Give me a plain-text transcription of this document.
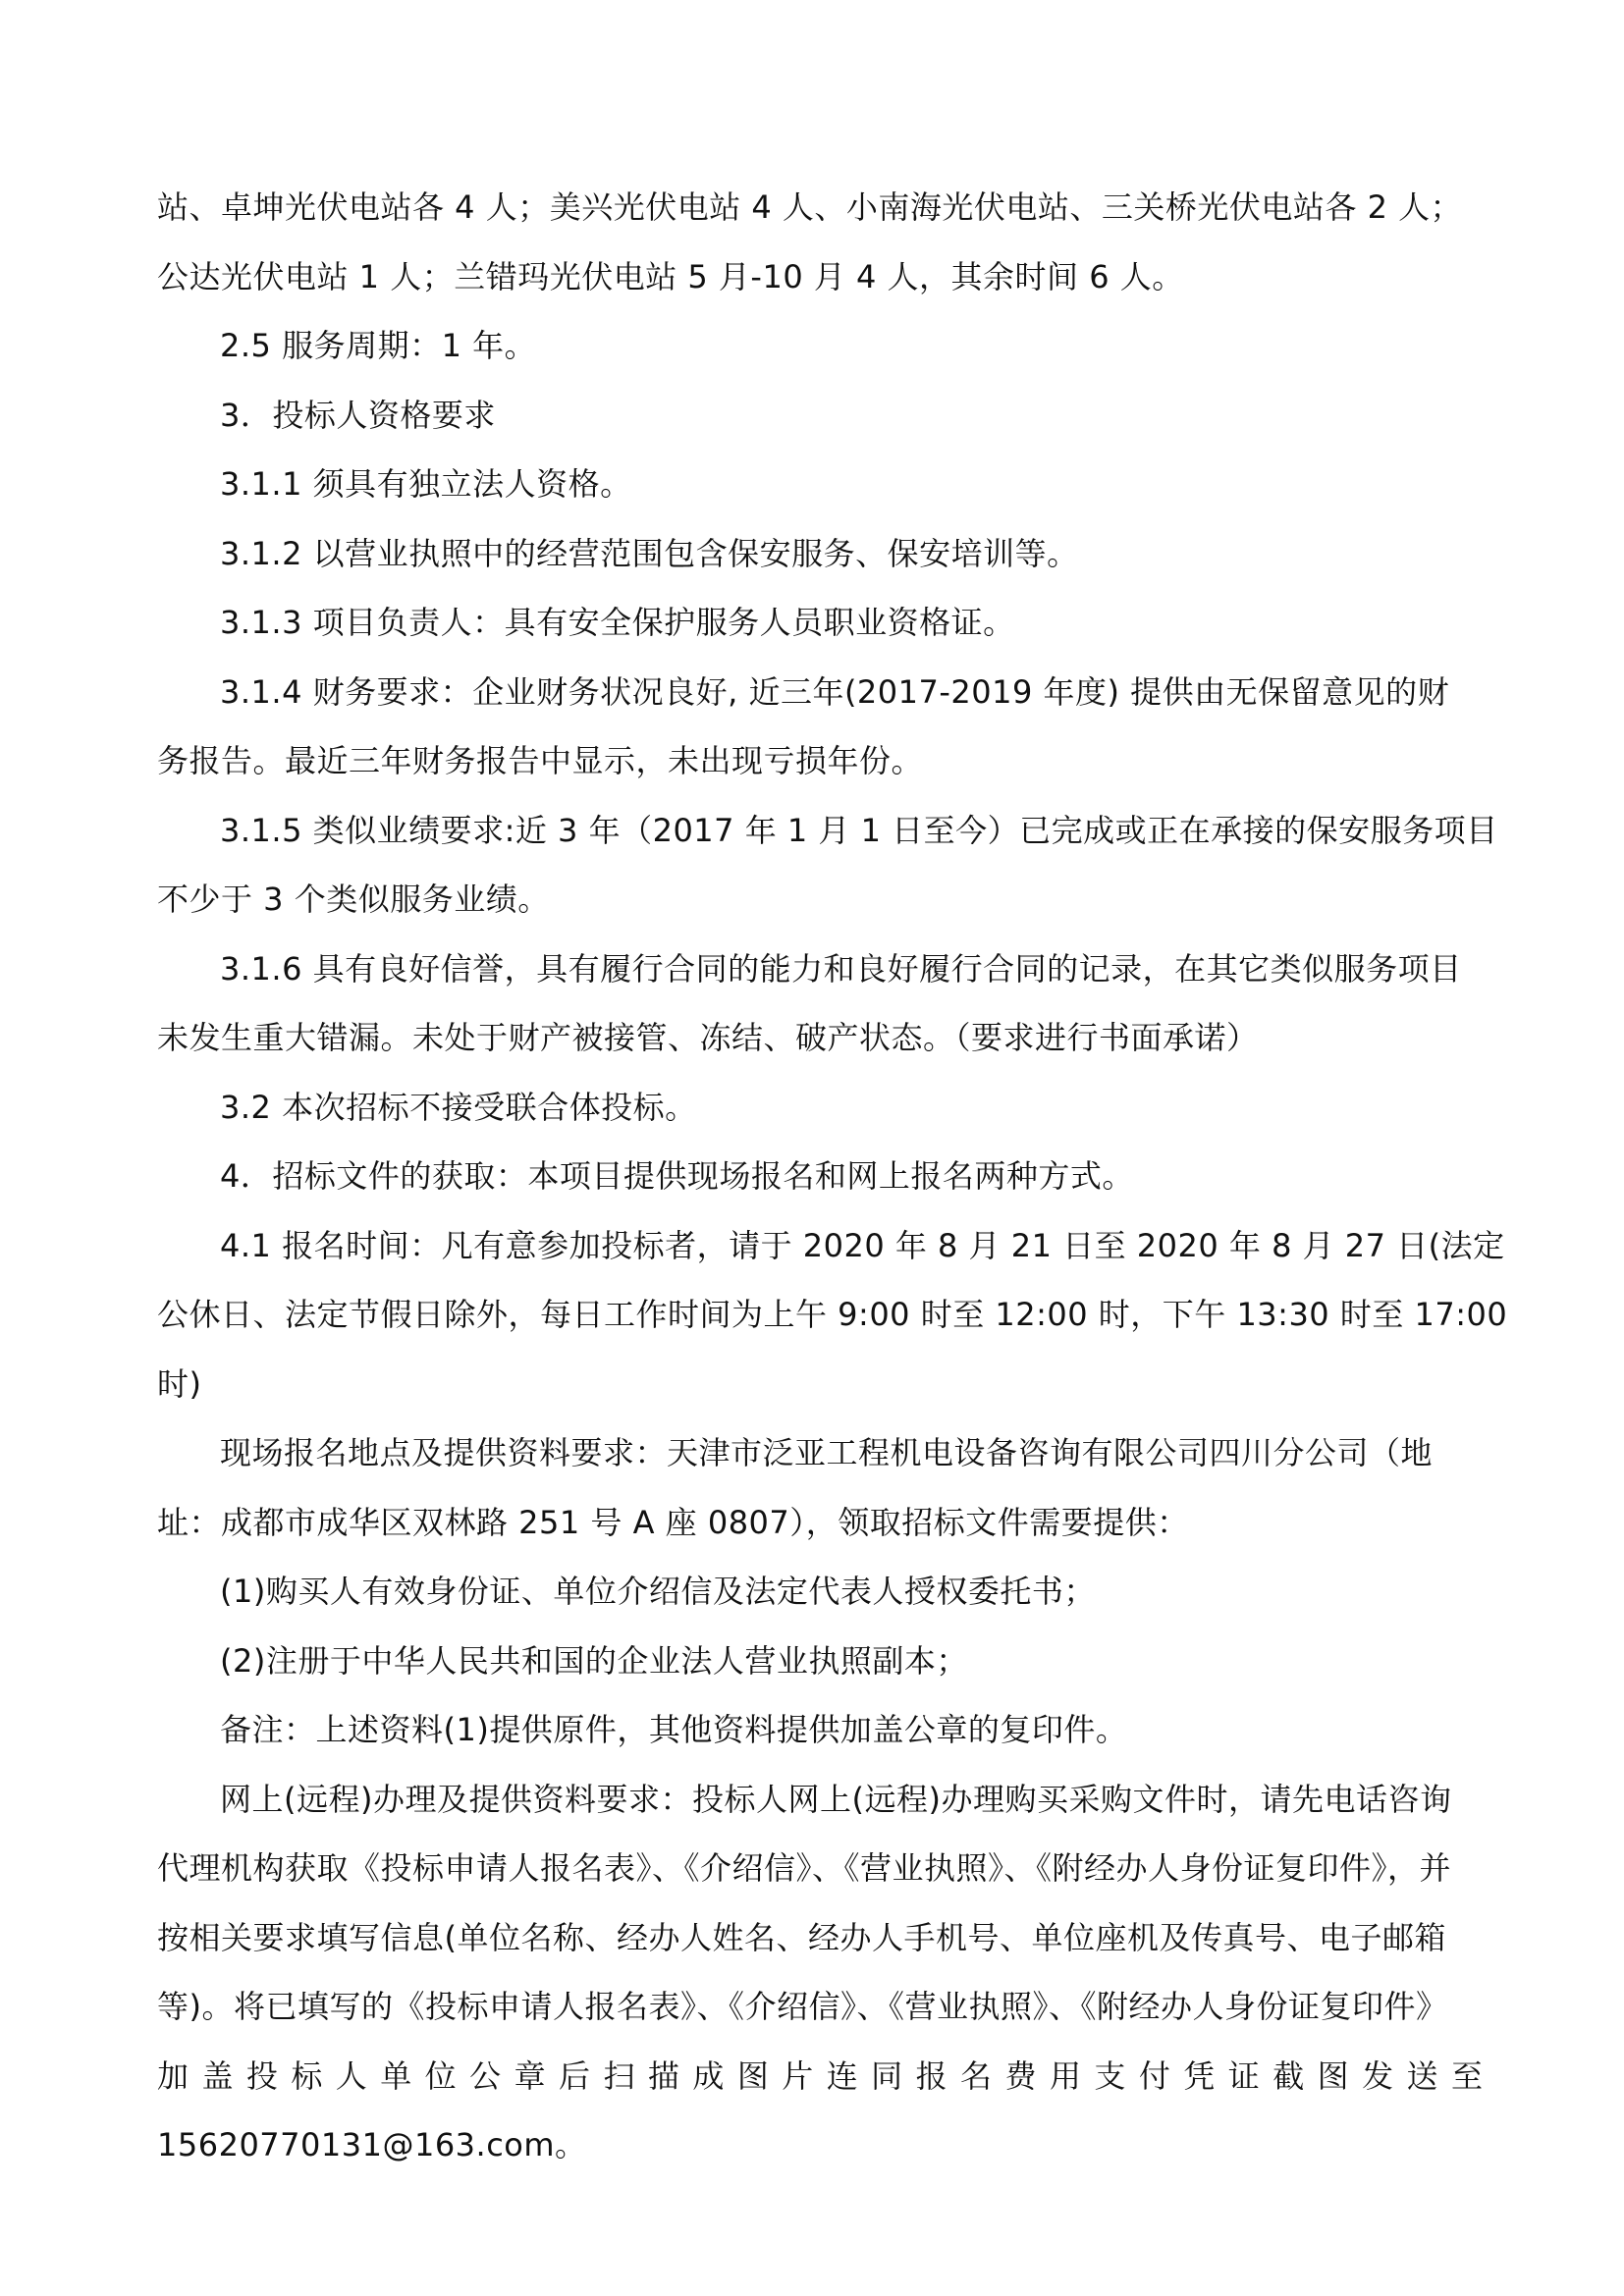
站、卓坤光伏电站各 4 人；美兴光伏电站 4 人、小南海光伏电站、三关桥光伏电站各 2 人；
公达光伏电站 1 人；兰错玛光伏电站 5 月-10 月 4 人，其余时间 6 人。
2.5 服务周期：1 年。
3．投标人资格要求
3.1.1 须具有独立法人资格。
3.1.2 以营业执照中的经营范围包含保安服务、保安培训等。
3.1.3 项目负责人：具有安全保护服务人员职业资格证。
3.1.4 财务要求：企业财务状况良好, 近三年(2017-2019 年度) 提供由无保留意见的财
务报告。最近三年财务报告中显示，未出现亏损年份。
3.1.5 类似业绩要求:近 3 年（2017 年 1 月 1 日至今）已完成或正在承接的保安服务项目
不少于 3 个类似服务业绩。
3.1.6 具有良好信誉，具有履行合同的能力和良好履行合同的记录，在其它类似服务项目
未发生重大错漏。未处于财产被接管、冻结、破产状态。（要求进行书面承诺）
3.2 本次招标不接受联合体投标。
4．招标文件的获取：本项目提供现场报名和网上报名两种方式。
4.1 报名时间：凡有意参加投标者，请于 2020 年 8 月 21 日至 2020 年 8 月 27 日(法定
公休日、法定节假日除外，每日工作时间为上午 9:00 时至 12:00 时，下午 13:30 时至 17:00
时)
现场报名地点及提供资料要求：天津市泛亚工程机电设备咨询有限公司四川分公司（地
址：成都市成华区双林路 251 号 A 座 0807），领取招标文件需要提供：
(1)购买人有效身份证、单位介绍信及法定代表人授权委托书；
(2)注册于中华人民共和国的企业法人营业执照副本；
备注：上述资料(1)提供原件，其他资料提供加盖公章的复印件。
网上(远程)办理及提供资料要求：投标人网上(远程)办理购买采购文件时，请先电话咨询
代理机构获取《投标申请人报名表》、《介绍信》、《营业执照》、《附经办人身份证复印件》，并
按相关要求填写信息(单位名称、经办人姓名、经办人手机号、单位座机及传真号、电子邮箱
等)。将已填写的《投标申请人报名表》、《介绍信》、《营业执照》、《附经办人身份证复印件》
加盖投标人单位公章后扫描成图片连同报名费用支付凭证截图发送至
15620770131@163.com。
